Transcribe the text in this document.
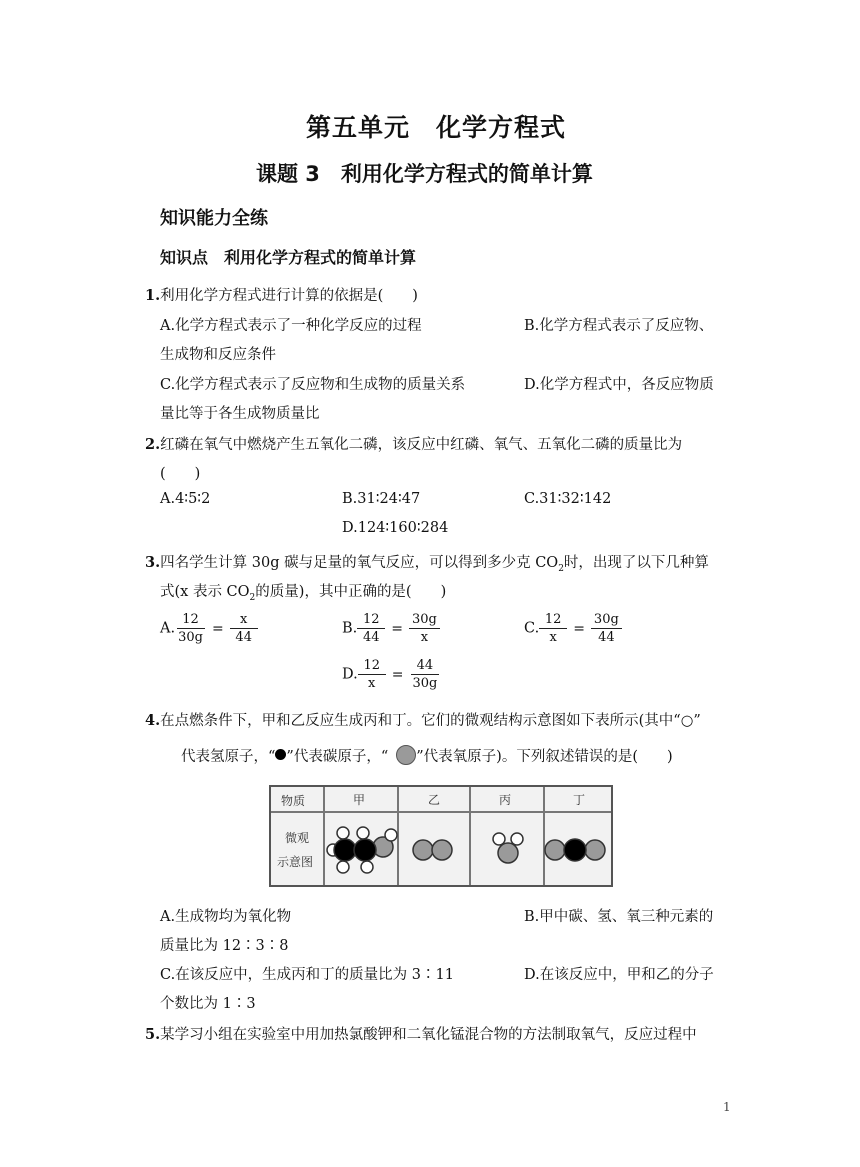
第五单元　化学方程式
课题 3　利用化学方程式的简单计算
知识能力全练
知识点　利用化学方程式的简单计算
1.利用化学方程式进行计算的依据是(　　)
A.化学方程式表示了一种化学反应的过程	B.化学方程式表示了反应物、
生成物和反应条件
C.化学方程式表示了反应物和生成物的质量关系	D.化学方程式中，各反应物质
量比等于各生成物质量比
2.红磷在氧气中燃烧产生五氧化二磷，该反应中红磷、氧气、五氧化二磷的质量比为
(　　)
A.4∶5∶2	B.31∶24∶47	C.31∶32∶142
D.124∶160∶284
3.四名学生计算 30g 碳与足量的氧气反应，可以得到多少克 $CO_2$时，出现了以下几种算
式(x 表示 $CO_2$的质量)，其中正确的是(　　)
A. $\frac{12}{30g} = \frac{x}{44}$	B. $\frac{12}{44} = \frac{30g}{x}$	C. $\frac{12}{x} = \frac{30g}{44}$
D. $\frac{12}{x} = \frac{44}{30g}$
4.在点燃条件下，甲和乙反应生成丙和丁。它们的微观结构示意图如下表所示(其中“○”
代表氢原子，“ ”代表碳原子，“ ”代表氧原子)。下列叙述错误的是(　　)
物质	甲	乙	丙	丁
微观
示意图
A.生成物均为氧化物	B.甲中碳、氢、氧三种元素的
质量比为 12∶3∶8
C.在该反应中，生成丙和丁的质量比为 3∶11	D.在该反应中，甲和乙的分子
个数比为 1∶3
5.某学习小组在实验室中用加热氯酸钾和二氧化锰混合物的方法制取氧气，反应过程中
1
